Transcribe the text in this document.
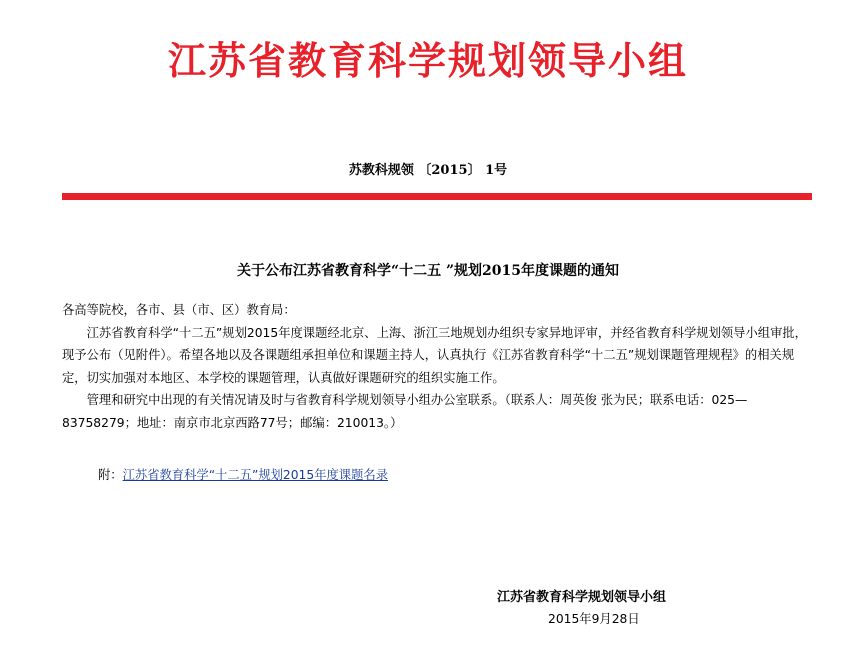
江苏省教育科学规划领导小组
苏教科规领 〔2015〕 1号
关于公布江苏省教育科学“十二五 ”规划2015年度课题的通知

各高等院校，各市、县（市、区）教育局：

江苏省教育科学“十二五”规划2015年度课题经北京、上海、浙江三地规划办组织专家异地评审，并经省教育科学规划领导小组审批，现予公布（见附件）。希望各地以及各课题组承担单位和课题主持人，认真执行《江苏省教育科学“十二五”规划课题管理规程》的相关规定，切实加强对本地区、本学校的课题管理，认真做好课题研究的组织实施工作。

管理和研究中出现的有关情况请及时与省教育科学规划领导小组办公室联系。（联系人：周英俊 张为民；联系电话：025—83758279；地址：南京市北京西路77号；邮编：210013。）

附：江苏省教育科学“十二五”规划2015年度课题名录
江苏省教育科学规划领导小组
2015年9月28日
